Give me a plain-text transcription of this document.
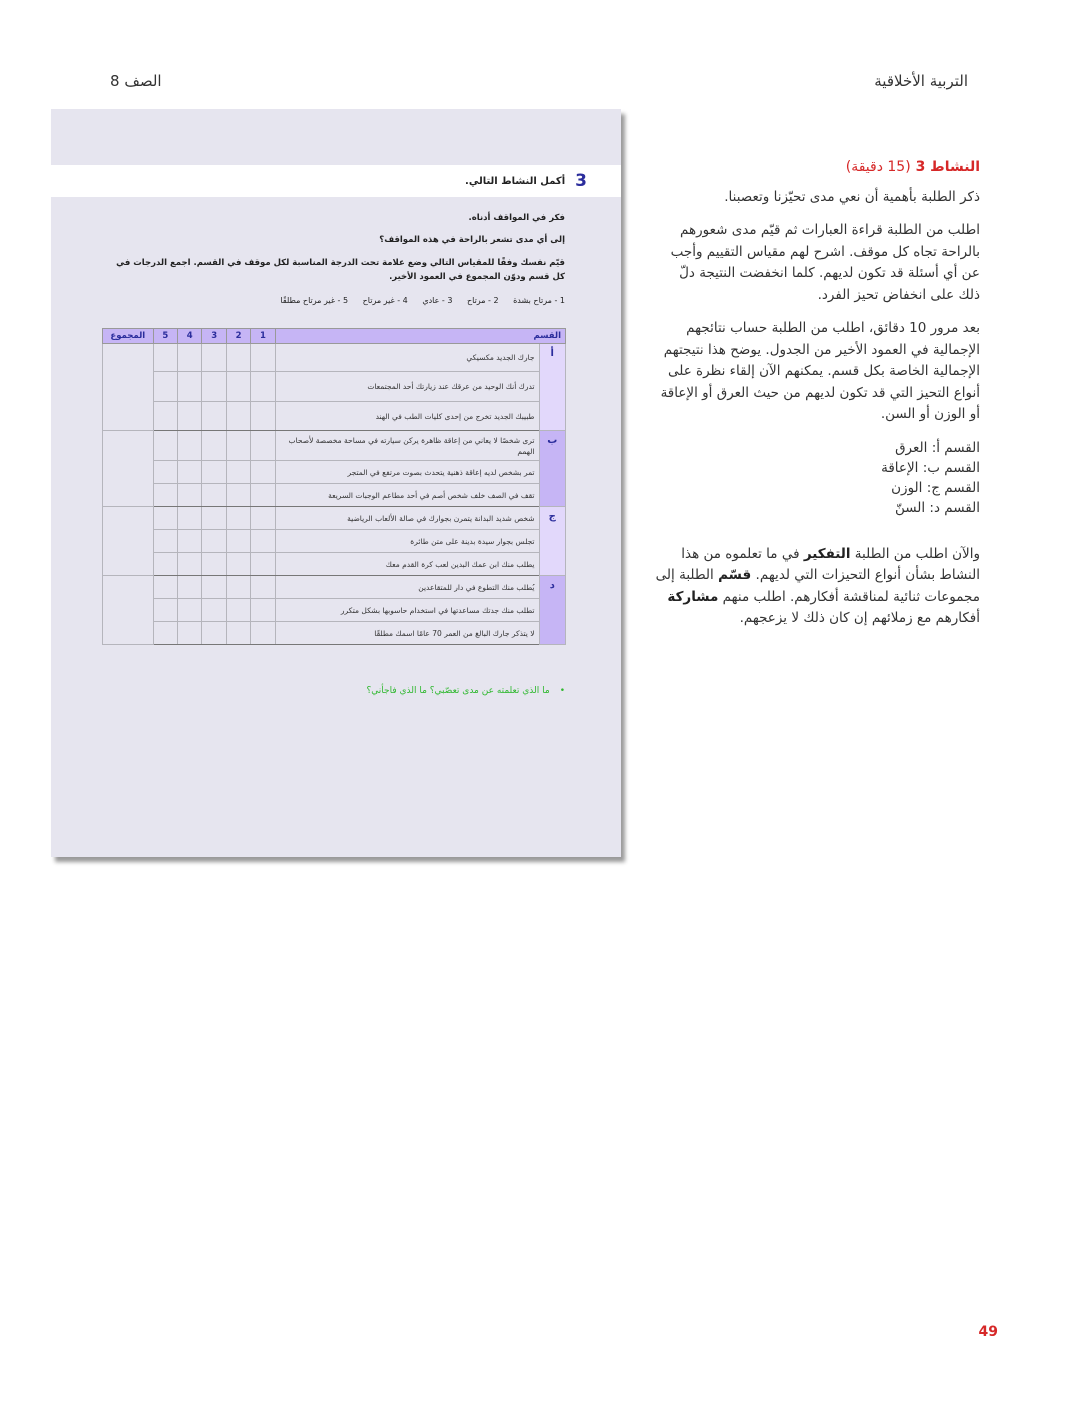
التربية الأخلاقية
الصف 8
3
أكمل النشاط التالي.
فكر في المواقف أدناه.
إلى أي مدى تشعر بالراحة في هذه المواقف؟
قيّم نفسك وفقًا للمقياس التالي وضع علامة تحت الدرجة المناسبة لكل موقف في القسم. اجمع الدرجات في كل قسم ودوّن المجموع في العمود الأخير.
1 - مرتاح بشدة 2 - مرتاح 3 - عادي 4 - غير مرتاح 5 - غير مرتاح مطلقًا
القسم		1	2	3	4	5	المجموع
أ	جارك الجديد مكسيكي						
	تدرك أنك الوحيد من عرقك عند زيارتك أحد المجتمعات						
	طبيبك الجديد تخرج من إحدى كليات الطب في الهند						
ب	ترى شخصًا لا يعاني من إعاقة ظاهرة يركن سيارته في مساحة مخصصة لأصحاب الهمم						
	تمر بشخص لديه إعاقة ذهنية يتحدث بصوت مرتفع في المتجر						
	تقف في الصف خلف شخص أصم في أحد مطاعم الوجبات السريعة						
ج	شخص شديد البدانة يتمرن بجوارك في صالة الألعاب الرياضية						
	تجلس بجوار سيدة بدينة على متن طائرة						
	يطلب منك ابن عمك البدين لعب كرة القدم معك						
د	يُطلب منك التطوع في دار للمتقاعدين						
	تطلب منك جدتك مساعدتها في استخدام حاسوبها بشكل متكرر						
	لا يتذكر جارك البالغ من العمر 70 عامًا اسمك مطلقًا						
• ما الذي تعلمته عن مدى تعصّبي؟ ما الذي فاجأني؟

النشاط 3 (15 دقيقة)

ذكر الطلبة بأهمية أن نعي مدى تحيّزنا وتعصبنا.

اطلب من الطلبة قراءة العبارات ثم قيّم مدى شعورهم بالراحة تجاه كل موقف. اشرح لهم مقياس التقييم وأجب عن أي أسئلة قد تكون لديهم. كلما انخفضت النتيجة دلّ ذلك على انخفاض تحيز الفرد.

بعد مرور 10 دقائق، اطلب من الطلبة حساب نتائجهم الإجمالية في العمود الأخير من الجدول. يوضح هذا نتيجتهم الإجمالية الخاصة بكل قسم. يمكنهم الآن إلقاء نظرة على أنواع التحيز التي قد تكون لديهم من حيث العرق أو الإعاقة أو الوزن أو السن.

القسم أ: العرق
القسم ب: الإعاقة
القسم ج: الوزن
القسم د: السنّ

والآن اطلب من الطلبة التفكير في ما تعلموه من هذا النشاط بشأن أنواع التحيزات التي لديهم. قسّم الطلبة إلى مجموعات ثنائية لمناقشة أفكارهم. اطلب منهم مشاركة أفكارهم مع زملائهم إن كان ذلك لا يزعجهم.

49
